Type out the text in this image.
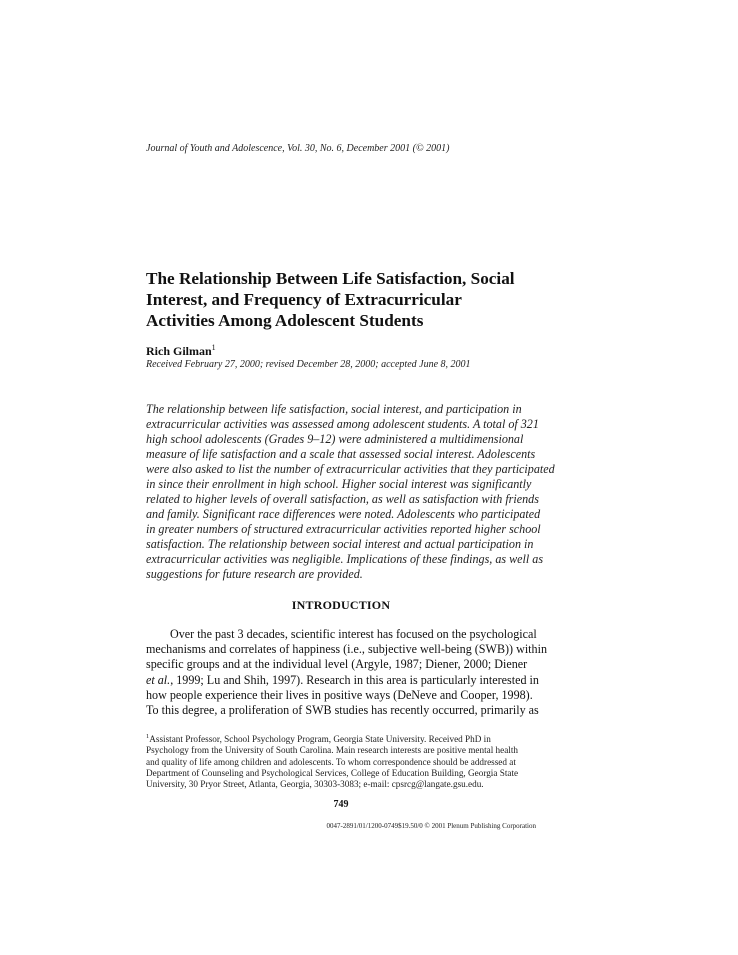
Journal of Youth and Adolescence, Vol. 30, No. 6, December 2001 (© 2001)
The Relationship Between Life Satisfaction, Social
Interest, and Frequency of Extracurricular
Activities Among Adolescent Students
Rich Gilman$^1$
Received February 27, 2000; revised December 28, 2000; accepted June 8, 2001
The relationship between life satisfaction, social interest, and participation in
extracurricular activities was assessed among adolescent students. A total of 321
high school adolescents (Grades 9–12) were administered a multidimensional
measure of life satisfaction and a scale that assessed social interest. Adolescents
were also asked to list the number of extracurricular activities that they participated
in since their enrollment in high school. Higher social interest was significantly
related to higher levels of overall satisfaction, as well as satisfaction with friends
and family. Significant race differences were noted. Adolescents who participated
in greater numbers of structured extracurricular activities reported higher school
satisfaction. The relationship between social interest and actual participation in
extracurricular activities was negligible. Implications of these findings, as well as
suggestions for future research are provided.
INTRODUCTION
Over the past 3 decades, scientific interest has focused on the psychological
mechanisms and correlates of happiness (i.e., subjective well-being (SWB)) within
specific groups and at the individual level (Argyle, 1987; Diener, 2000; Diener
et al., 1999; Lu and Shih, 1997). Research in this area is particularly interested in
how people experience their lives in positive ways (DeNeve and Cooper, 1998).
To this degree, a proliferation of SWB studies has recently occurred, primarily as
$^1$Assistant Professor, School Psychology Program, Georgia State University. Received PhD in
Psychology from the University of South Carolina. Main research interests are positive mental health
and quality of life among children and adolescents. To whom correspondence should be addressed at
Department of Counseling and Psychological Services, College of Education Building, Georgia State
University, 30 Pryor Street, Atlanta, Georgia, 30303-3083; e-mail: cpsrcg@langate.gsu.edu.
749
0047-2891/01/1200-0749$19.50/0 © 2001 Plenum Publishing Corporation
